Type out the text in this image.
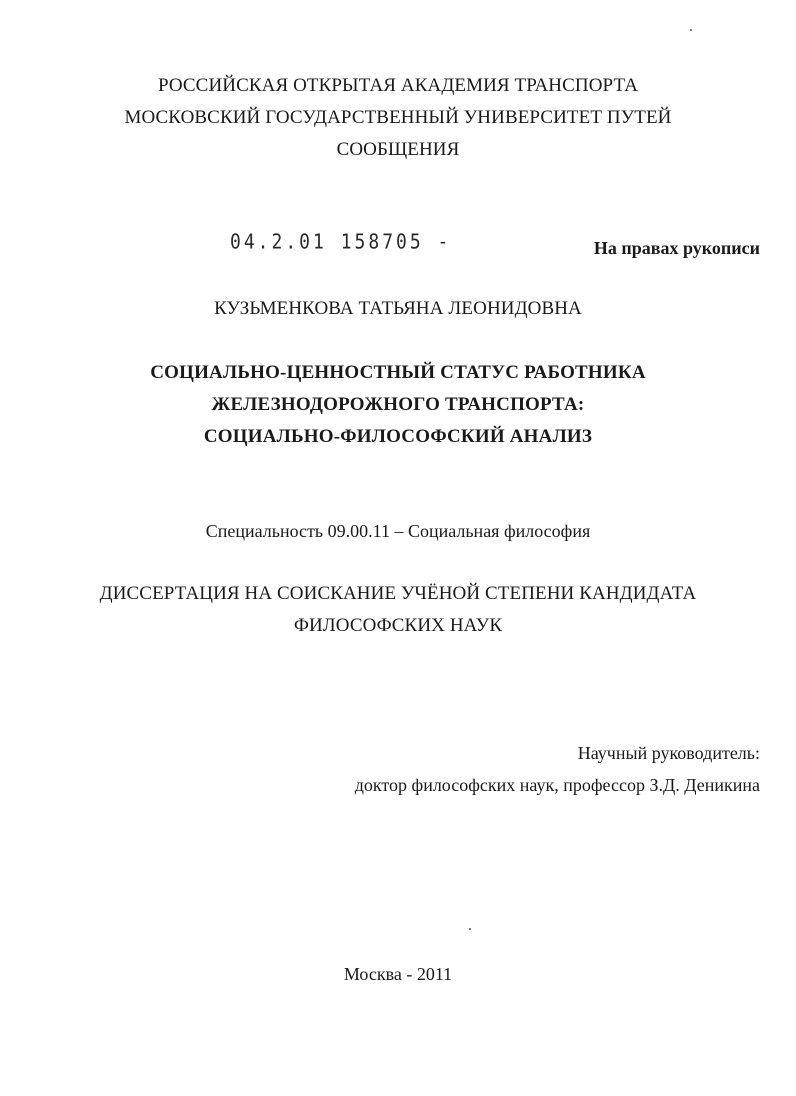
РОССИЙСКАЯ ОТКРЫТАЯ АКАДЕМИЯ ТРАНСПОРТА
МОСКОВСКИЙ ГОСУДАРСТВЕННЫЙ УНИВЕРСИТЕТ ПУТЕЙ
СООБЩЕНИЯ
04.2.01 158705 -	На правах рукописи
КУЗЬМЕНКОВА ТАТЬЯНА ЛЕОНИДОВНА
СОЦИАЛЬНО-ЦЕННОСТНЫЙ СТАТУС РАБОТНИКА
ЖЕЛЕЗНОДОРОЖНОГО ТРАНСПОРТА:
СОЦИАЛЬНО-ФИЛОСОФСКИЙ АНАЛИЗ
Специальность 09.00.11 – Социальная философия
ДИССЕРТАЦИЯ НА СОИСКАНИЕ УЧЁНОЙ СТЕПЕНИ КАНДИДАТА
ФИЛОСОФСКИХ НАУК
Научный руководитель:
доктор философских наук, профессор З.Д. Деникина
Москва - 2011
